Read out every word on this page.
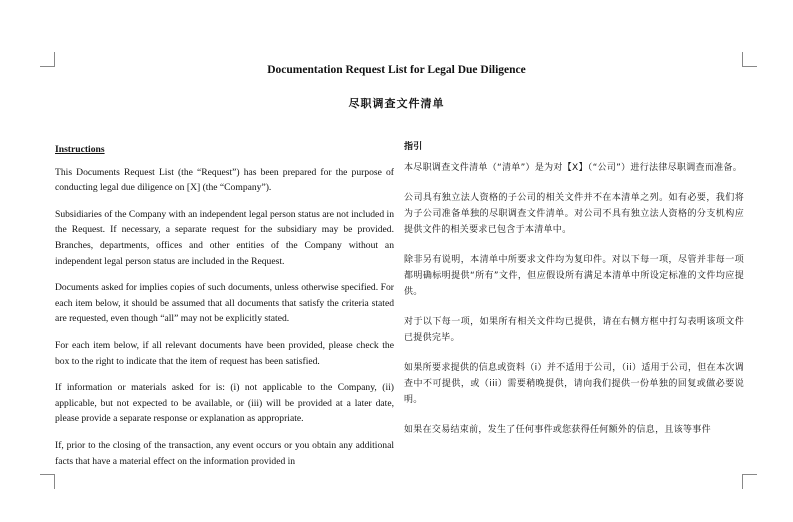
Documentation Request List for Legal Due Diligence
尽职调查文件清单
Instructions

This Documents Request List (the “Request”) has been prepared for the purpose of conducting legal due diligence on [X] (the “Company”).

Subsidiaries of the Company with an independent legal person status are not included in the Request. If necessary, a separate request for the subsidiary may be provided. Branches, departments, offices and other entities of the Company without an independent legal person status are included in the Request.

Documents asked for implies copies of such documents, unless otherwise specified. For each item below, it should be assumed that all documents that satisfy the criteria stated are requested, even though “all” may not be explicitly stated.

For each item below, if all relevant documents have been provided, please check the box to the right to indicate that the item of request has been satisfied.

If information or materials asked for is: (i) not applicable to the Company, (ii) applicable, but not expected to be available, or (iii) will be provided at a later date, please provide a separate response or explanation as appropriate.

If, prior to the closing of the transaction, any event occurs or you obtain any additional facts that have a material effect on the information provided in

指引

本尽职调查文件清单（“清单”）是为对【X】（“公司”）进行法律尽职调查而准备。

公司具有独立法人资格的子公司的相关文件并不在本清单之列。如有必要，我们将为子公司准备单独的尽职调查文件清单。对公司不具有独立法人资格的分支机构应提供文件的相关要求已包含于本清单中。

除非另有说明，本清单中所要求文件均为复印件。对以下每一项，尽管并非每一项都明确标明提供“所有”文件，但应假设所有满足本清单中所设定标准的文件均应提供。

对于以下每一项，如果所有相关文件均已提供，请在右侧方框中打勾表明该项文件已提供完毕。

如果所要求提供的信息或资料（i）并不适用于公司，（ii）适用于公司，但在本次调查中不可提供，或（iii）需要稍晚提供，请向我们提供一份单独的回复或做必要说明。

如果在交易结束前，发生了任何事件或您获得任何额外的信息，且该等事件
